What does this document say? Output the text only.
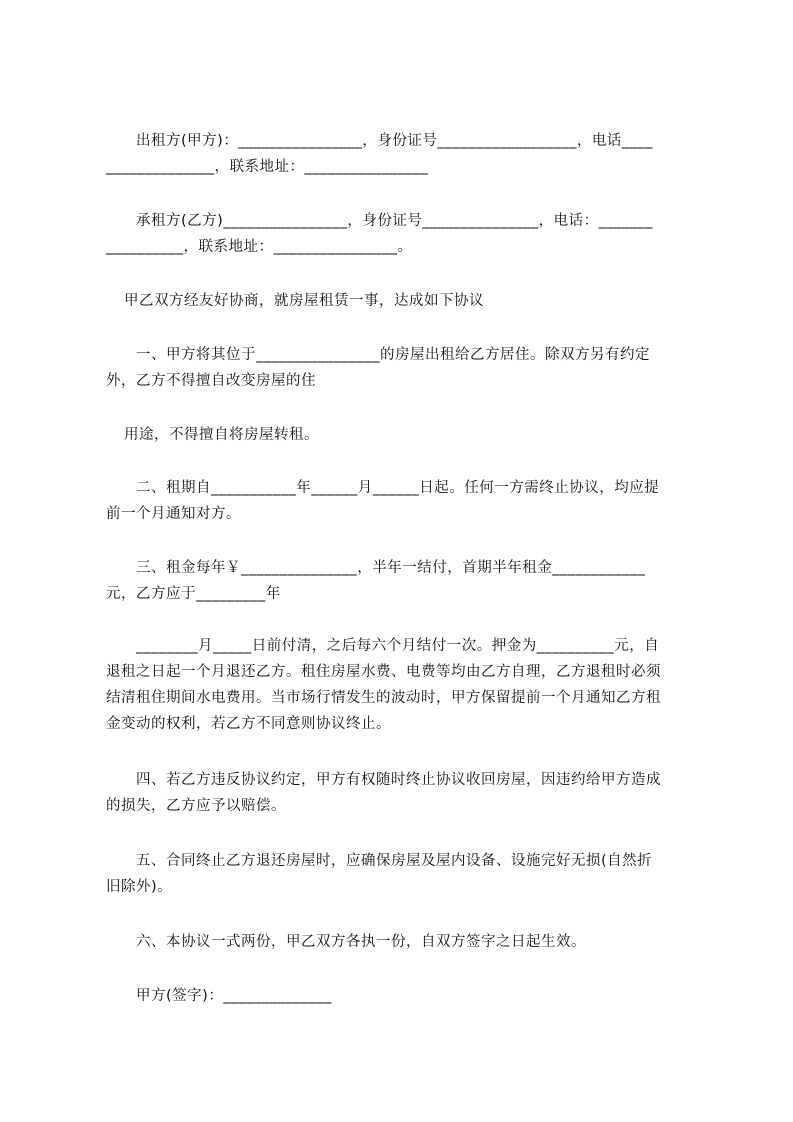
出租方(甲方)：________________，身份证号__________________，电话____
______________，联系地址：________________
承租方(乙方)________________，身份证号_______________，电话：_______
__________，联系地址：________________。
甲乙双方经友好协商，就房屋租赁一事，达成如下协议
一、甲方将其位于________________的房屋出租给乙方居住。除双方另有约定
外，乙方不得擅自改变房屋的住
用途，不得擅自将房屋转租。
二、租期自___________年______月______日起。任何一方需终止协议，均应提
前一个月通知对方。
三、租金每年￥_______________，半年一结付，首期半年租金____________
元，乙方应于_________年
________月_____日前付清，之后每六个月结付一次。押金为__________元，自
退租之日起一个月退还乙方。租住房屋水费、电费等均由乙方自理，乙方退租时必须
结清租住期间水电费用。当市场行情发生的波动时，甲方保留提前一个月通知乙方租
金变动的权利，若乙方不同意则协议终止。
四、若乙方违反协议约定，甲方有权随时终止协议收回房屋，因违约给甲方造成
的损失，乙方应予以赔偿。
五、合同终止乙方退还房屋时，应确保房屋及屋内设备、设施完好无损(自然折
旧除外)。
六、本协议一式两份，甲乙双方各执一份，自双方签字之日起生效。
甲方(签字)：______________
